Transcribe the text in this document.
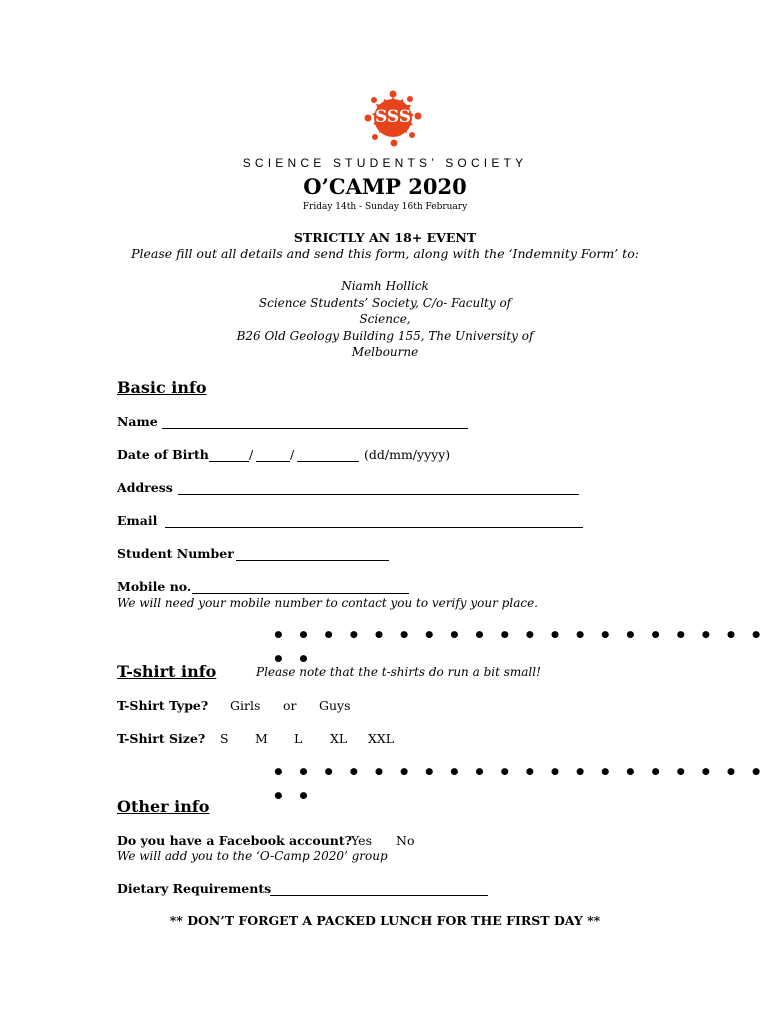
SSS
SCIENCE STUDENTS’ SOCIETY
O’CAMP 2020
Friday 14th - Sunday 16th February
STRICTLY AN 18+ EVENT
Please fill out all details and send this form, along with the ‘Indemnity Form’ to:
Niamh Hollick
Science Students’ Society, C/o- Faculty of
Science,
B26 Old Geology Building 155, The University of
Melbourne
Basic info
Name
Date of Birth	/	/	(dd/mm/yyyy)
Address
Email
Student Number
Mobile no.
We will need your mobile number to contact you to verify your place.
• • • • • • • • • • • • • • • • • • • • • •
T-shirt info	Please note that the t-shirts do run a bit small!
T-Shirt Type? Girls or Guys
T-Shirt Size? S M L XL XXL
• • • • • • • • • • • • • • • • • • • • • •
Other info
Do you have a Facebook account? Yes No
We will add you to the ‘O-Camp 2020’ group
Dietary Requirements
** DON’T FORGET A PACKED LUNCH FOR THE FIRST DAY **
